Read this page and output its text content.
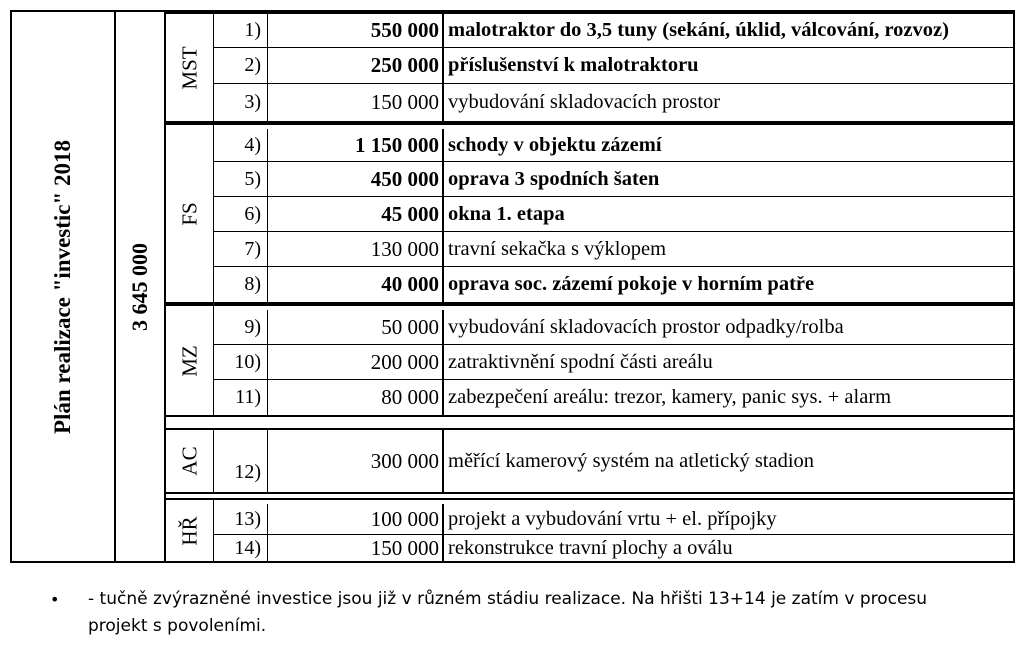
Plán realizace "investic" 2018 3 645 000
MST
1)	550 000 malotraktor do 3,5 tuny (sekání, úklid, válcování, rozvoz)
2)	250 000 příslušenství k malotraktoru
3)	150 000 vybudování skladovacích prostor
FS
4)	1 150 000 schody v objektu zázemí
5)	450 000 oprava 3 spodních šaten
6)	45 000 okna 1. etapa
7)	130 000 travní sekačka s výklopem
8)	40 000 oprava soc. zázemí pokoje v horním patře
MZ
9)	50 000 vybudování skladovacích prostor odpadky/rolba
10)	200 000 zatraktivnění spodní části areálu
11)	80 000 zabezpečení areálu: trezor, kamery, panic sys. + alarm
AC	12)	300 000 měřící kamerový systém na atletický stadion
HŘ	13)	100 000 projekt a vybudování vrtu + el. přípojky
14)	150 000 rekonstrukce travní plochy a oválu
• - tučně zvýrazněné investice jsou již v různém stádiu realizace. Na hřišti 13+14 je zatím v procesu projekt s povoleními.
